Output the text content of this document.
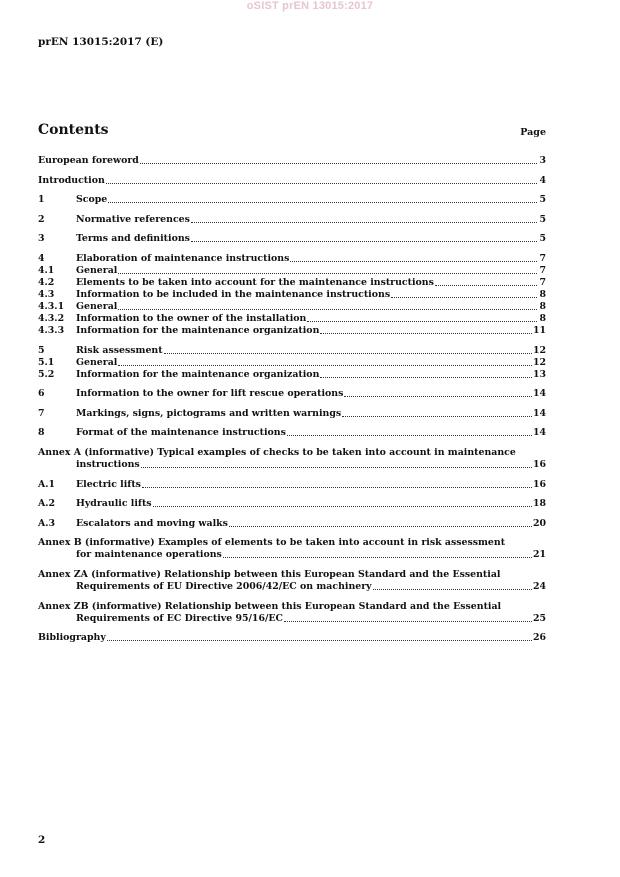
oSIST prEN 13015:2017
prEN 13015:2017 (E)
Contents	Page
European foreword	3
Introduction	4
1	Scope	5
2	Normative references	5
3	Terms and definitions	5
4	Elaboration of maintenance instructions	7
4.1	General	7
4.2	Elements to be taken into account for the maintenance instructions	7
4.3	Information to be included in the maintenance instructions	8
4.3.1	General	8
4.3.2	Information to the owner of the installation	8
4.3.3	Information for the maintenance organization	11
5	Risk assessment	12
5.1	General	12
5.2	Information for the maintenance organization	13
6	Information to the owner for lift rescue operations	14
7	Markings, signs, pictograms and written warnings	14
8	Format of the maintenance instructions	14
Annex A (informative) Typical examples of checks to be taken into account in maintenance
instructions	16
A.1	Electric lifts	16
A.2	Hydraulic lifts	18
A.3	Escalators and moving walks	20
Annex B (informative) Examples of elements to be taken into account in risk assessment
for maintenance operations	21
Annex ZA (informative) Relationship between this European Standard and the Essential
Requirements of EU Directive 2006/42/EC on machinery	24
Annex ZB (informative) Relationship between this European Standard and the Essential
Requirements of EC Directive 95/16/EC	25
Bibliography	26
2
